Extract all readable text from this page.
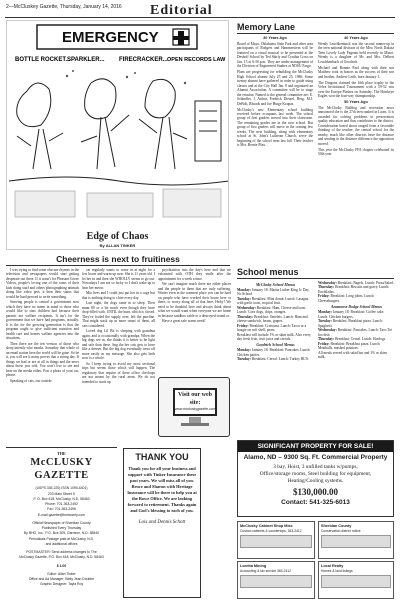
2—McCluskey Gazette, Thursday, January 14, 2016 Editorial
EMERGENCY
BOTTLE ROCKET...
SPARKLER... FIRECRACKER... OPEN RECORDS LAW
Edge of Chaos
By ALLAN TINKER
Memory Lane
30 Years Ago

Board of Mayo, Oklahoma State Park and other area participants of Rodgers and Hammerstein will be featured on a visual musical to be presented at the Deshoff School by Ted Shirly and Cynthia Cross on Jan. 15 at 6:30 p.m. They are under management of the Division of Engineered Studies at NDSU Fargo.

Plans are progressing for rebuilding the McClusky High School alumni July 25 and 25, 1986. Some twenty alumni have gathered in order to guide using classes and at the City Hall Jan. 8 and organized an Alumni Association. A committee will be to stage the reunion. Named to the general committee are: E. Schindler, J. Arthur, Fredrick Dietzel, Berg, M.J. DeBolt, Rhoads and Joe Hinge Koupas.

McClusky's new Elementary school building received before occupants last week. The school group of first graders moved into their classroom. The remaining grades are in the now school. But group of first graders will move in the coming few weeks. The new building, along with elementary school at St. John's Lutheran Church, serve the beginning of the school term last fall. Their teacher is Mrs. Bernie Pfau.

40 Years Ago

Wendy Leuchkenbach was the second runner-up in the teen national division of the Miss North Dakota Teen Lovely Lady Pageant held recently in Minot. Wendy is a daughter of Mr. and Mrs. Delbert Leuchkenbach of Goodrich.

Michael and Bonnie Paul along with their son Matthew took in honors as the success of their son and brother, Andrew Leith, born January 1.

The Dragons claimed the fifth place trophy in the Velva Invitational Tournament with a 59-52 win over the Europe Flashes on Saturday. The Hawkeye Eagles won the four-way championship.

50 Years Ago

The McClusky Bulldog and recreation news announced she is the 27th teen ranked in Lions. It is awarded for solving problems in preservation quality education and thus contributes to the district. Consideration based about ranged from a favorable thinking of the teacher, the central school for the nearby, much like other districts have the distance and sending to the distance difference the opposition moved.

This year the McClusky FFA chapter celebrated its 50th year.

School menus
McClusky School Menus

Monday: January 18: Martin Luther King Jr. Day. No School

Tuesday: Breakfast: Mini donut. Lunch: Lasagna with garlic toast, tropical fruit.

Wednesday: Breakfast: Ham, Cheese and toast. Lunch: Corn dogs, chips, oranges.

Thursday: Breakfast: Omelets. Lunch: Ham and cheese sandwich, beans, grapes.

Friday: Breakfast: Croissant. Lunch: Tacos or a hoagie on soft shell, pears.

Breakfast will include 1% or skim milk. Also every day fresh fruit, fruit juice and cereals.

Goodrich School Menus

Monday: January 18: Breakfast: Pancakes. Lunch: Chicken patties.

Tuesday: Breakfast: Cereal. Lunch: Turkey BLTs

Wednesday: Breakfast: Bagels. Lunch: Pizza/Salad.

Thursday: Breakfast: Biscuits and gravy. Lunch: Enchiladas.

Friday: Breakfast: Long johns. Lunch: Cheeseburgers.

Anamoose Dodge School Menus

Monday: January 18: Breakfast: Coffee cake. Lunch: Chicken burgers.

Tuesday: Breakfast: Breakfast pizza. Lunch: Spaghetti.

Wednesday: Breakfast: Pancakes. Lunch: Taco Tot hot dish.

Thursday: Breakfast: Cereal. Lunch: Hotdogs.

Friday: Breakfast: Breakfast pizza. Lunch: Meatballs, mashed potatoes.

All meals served with salad bar and 1% or skim milk.

Cheerness is next to fruitiness

I was trying to find some obscure rhymes in the television and newspapers would start getting desperate out there. If it wasn't for Pleasant Grove Videos, people's loving one of the coms of their kids doing stuff and others photographing animals doing like video pets, it then their status that would be hard pressed to write something.

Starving people is central a government now which they have no intent in mind to those who would like to start children had because their parents are welfare recipients. It isn't for the government that we have had programs, actually. It is the for the growing generation is that the program ought to give sufficient nutrition and health care and homes welfare agencies into the situations.

Then there are the ten version of those who sleep intently who monks. Someday that whole of an email nation here the world will be gone. So be it, you will see it many proves that a strong day. If things we had or are at all in things and the news about those you told. You won't live to see and hear on the media either. Post a photo of your cat, please.

Speaking of cats, our outside

cat regularly wants to come in at night for a few hours and warm up now. She is 11 years old. I let her in and then she WHOLLY seems to go out. Nowadays I am not so lucky so I don't wake up to hear her meow.

Mia lives and I could just put her in a cage but that is nothing doing to close every day.

Last night, the dogs came in to sleep. Their mum 80 or a bit much even though they have drop-filled with. UNTIL the hunt, which is closed. They've fooled the supply over, left the purrline. That might stack up as more smart of them, all cats considered.

Loved dog Lil Bit is sleeping with grandma again, and is occasionally with grandpa. When the big dogs see in, she thinks it is better to be light and safe than these. Sng the her cats gets to have like a dresser. But the big dog eventually went off more easily as my message. She also gets both now is a whole.

So I keep trying to avoid my most sectional trips but seems those which will happen. The regulatory that require of these office checkups are not meant by the rural areas. We do not intended to stack up

psychiatrists into the day's here and that we exhausted with OTH they smile after the appointment for a week a time.

We can't imagine much there are either places and the people in them that are truly suffering. Winter even in the warmest place you can be hard on people who have worked their house here or there, or worry along all of that here, Hefty? We need to be thankful here and always think about what we would want when everyone we are home in because sandbox cable or a destroyed sound or.

Have a great safe warm week!

Visit our web site:
www.mccluskygazette.com
THE
McCLUSKY GAZETTE
(USPS 335-220) ISSN 1095-6401)
203 Main Street S
P. O. Box 618, McClusky, N.D. 58463
Phone: 701-363-2492
Fax: 701-363-2496
E-mail gazette@bmtcomfy.com
Official Newspaper of Sheridan County
Published Every Thursday
By BHG, Inc., P.O. Box 309, Garrison, N.D. 58540
Periodicals Postage paid at McClusky, N.D.
and additional offices
POSTMASTER: Send address changes to The
McClusky Gazette, P.O. Box 618, McClusky, N.D. 58463
$ 1.00
Editor: Allan Tinker
Office and Ad Manager: Betty Jean Doubler
Graphic Designer: Tayla Roy
THANK YOU
Thank you for all your business and support with Tinker Insurance these past years. We will miss all of you. Bruce and Sharon with Heritage Insurance will be there to help you at the Bowe Office. We are looking forward to retirement. Thanks again and God's blessing to each of you.
Lois and Dennis Schott
SIGNIFICANT PROPERTY FOR SALE!
Alamo, ND – 9300 Sq. Ft. Commercial Property
3 bay, Hoist, 3 unfilled tanks w/pumps,
Office/storage rooms, Steel building for equipment,
Heating/Cooling systems.
$130,000.00
Contact: 541-325-6013
McClusky Cabinet Shop Misc
Custom cabinets & countertops, 363-2412
Sheridan County
Conservation district notice
Loretta Mining
Accounting & tax service 363-2412
Local Realty
Homes & land listings
